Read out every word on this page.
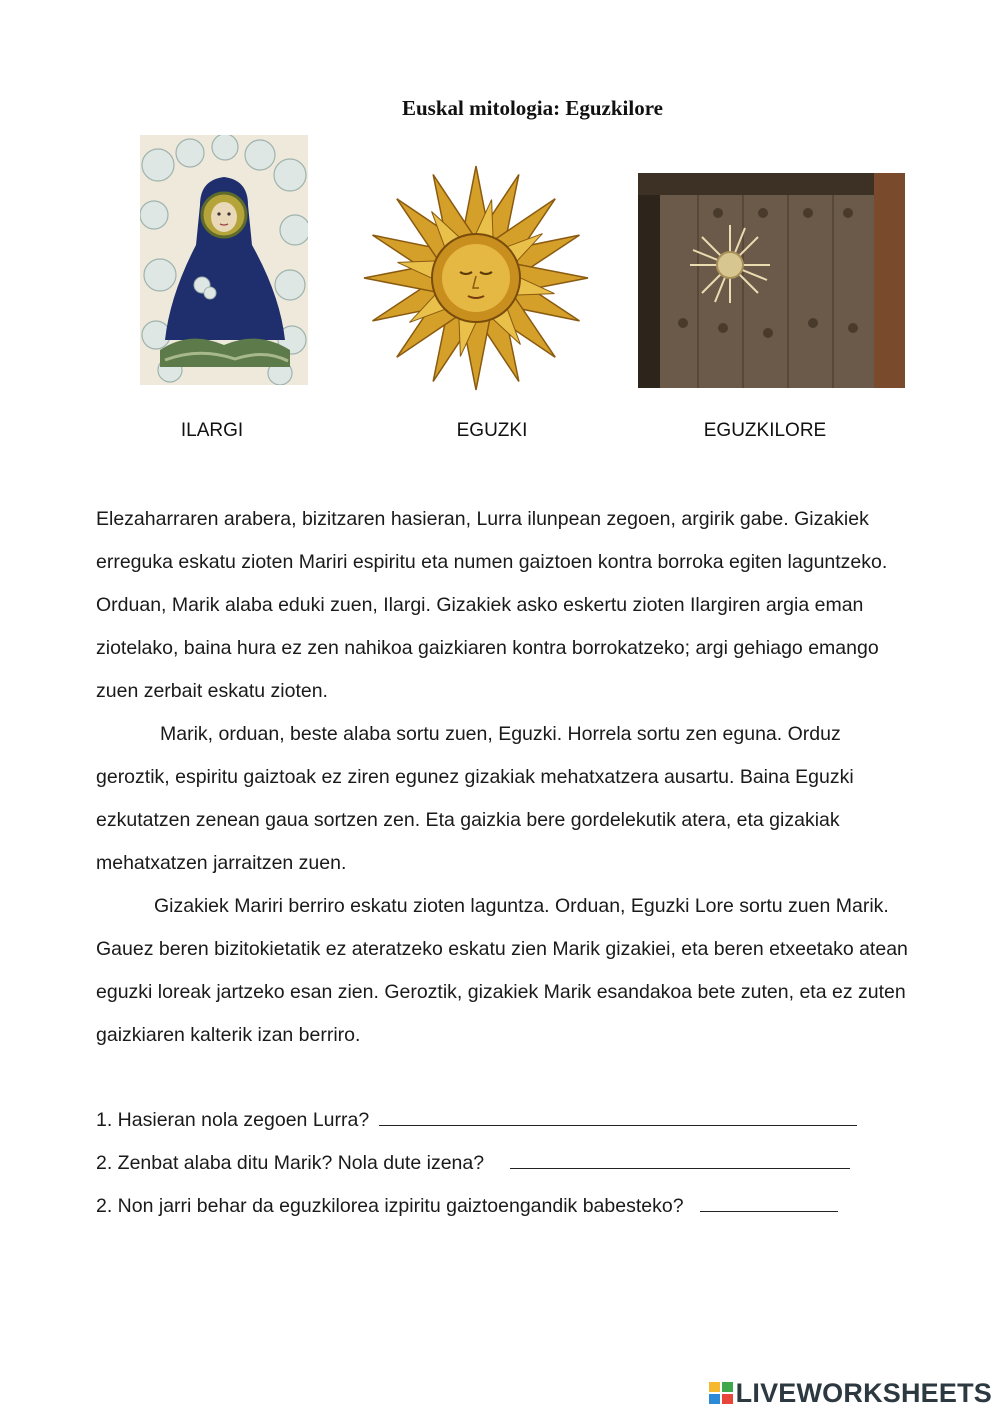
Euskal mitologia: Eguzkilore
ILARGI	EGUZKI	EGUZKILORE

Elezaharraren arabera, bizitzaren hasieran, Lurra ilunpean zegoen, argirik gabe. Gizakiek erreguka eskatu zioten Mariri espiritu eta numen gaiztoen kontra borroka egiten laguntzeko. Orduan, Marik alaba eduki zuen, Ilargi. Gizakiek asko eskertu zioten Ilargiren argia eman ziotelako, baina hura ez zen nahikoa gaizkiaren kontra borrokatzeko; argi gehiago emango zuen zerbait eskatu zioten.

Marik, orduan, beste alaba sortu zuen, Eguzki. Horrela sortu zen eguna. Orduz geroztik, espiritu gaiztoak ez ziren egunez gizakiak mehatxatzera ausartu. Baina Eguzki ezkutatzen zenean gaua sortzen zen. Eta gaizkia bere gordelekutik atera, eta gizakiak mehatxatzen jarraitzen zuen.

Gizakiek Mariri berriro eskatu zioten laguntza. Orduan, Eguzki Lore sortu zuen Marik. Gauez beren bizitokietatik ez ateratzeko eskatu zien Marik gizakiei, eta beren etxeetako atean eguzki loreak jartzeko esan zien. Geroztik, gizakiek Marik esandakoa bete zuten, eta ez zuten gaizkiaren kalterik izan berriro.

1. Hasieran nola zegoen Lurra?
2. Zenbat alaba ditu Marik? Nola dute izena?
2. Non jarri behar da eguzkilorea izpiritu gaiztoengandik babesteko?
LIVEWORKSHEETS
